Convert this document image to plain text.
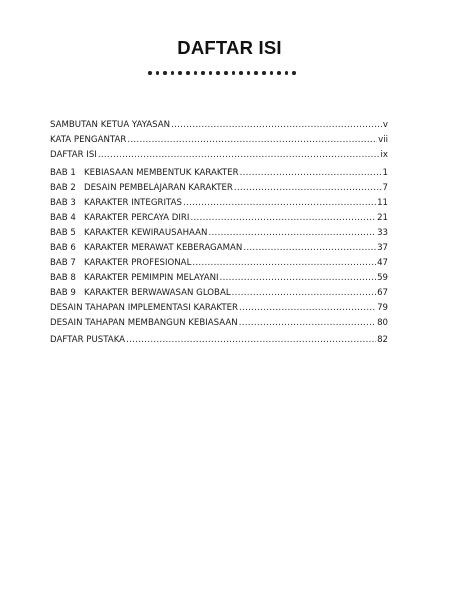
DAFTAR ISI
SAMBUTAN KETUA YAYASAN .....	v
KATA PENGANTAR .....	vii
DAFTAR ISI .....	ix
BAB 1 KEBIASAAN MEMBENTUK KARAKTER .....	1
BAB 2 DESAIN PEMBELAJARAN KARAKTER .....	7
BAB 3 KARAKTER INTEGRITAS .....	11
BAB 4 KARAKTER PERCAYA DIRI .....	21
BAB 5 KARAKTER KEWIRAUSAHAAN .....	33
BAB 6 KARAKTER MERAWAT KEBERAGAMAN .....	37
BAB 7 KARAKTER PROFESIONAL .....	47
BAB 8 KARAKTER PEMIMPIN MELAYANI .....	59
BAB 9 KARAKTER BERWAWASAN GLOBAL .....	67
DESAIN TAHAPAN IMPLEMENTASI KARAKTER .....	79
DESAIN TAHAPAN MEMBANGUN KEBIASAAN .....	80
DAFTAR PUSTAKA .....	82
